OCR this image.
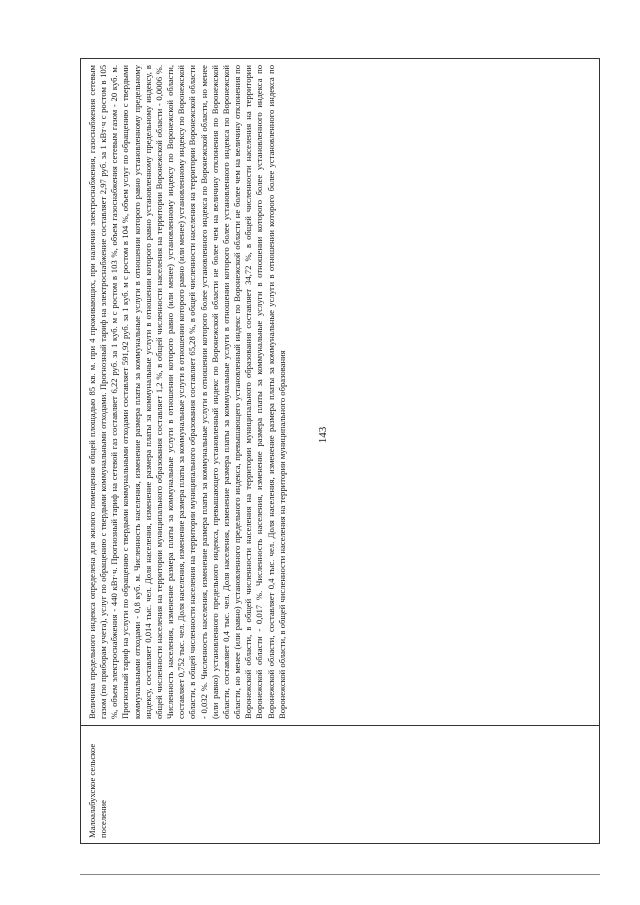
143
Малоалабухское сельское поселение
Величина предельного индекса определена для жилого помещения общей площадью 85 кв. м. при 4 проживающих, при наличии электроснабжения, газоснабжения сетевым газом (по приборам учета), услуг по обращению с твердыми коммунальными отходами. Прогнозный тариф на электроснабжение составляет 2,97 руб. за 1 кВт·ч с ростом в 105 %, объем электроснабжения - 440 кВт·ч. Прогнозный тариф на сетевой газ составляет 6,22 руб. за 1 куб. м с ростом в 103 %, объем газоснабжения сетевым газом - 20 куб. м. Прогнозный тариф на услуги по обращению с твердыми коммунальными отходами составляет 591,92 руб. за 1 куб. м с ростом в 104 %, объем услуг по обращению с твердыми коммунальными отходами - 0,8 куб. м. Численность населения, изменение размера платы за коммунальные услуги в отношении которого равно установленному предельному индексу, составляет 0,014 тыс. чел. Доля населения, изменение размера платы за коммунальные услуги в отношении которого равно установленному предельному индексу, в общей численности населения на территории муниципального образования составляет 1,2 %, в общей численности населения на территории Воронежской области - 0,0006 %. Численность населения, изменение размера платы за коммунальные услуги в отношении которого равно (или менее) установленному индексу по Воронежской области, составляет 0,752 тыс. чел. Доля населения, изменение размера платы за коммунальные услуги в отношении которого равно (или менее) установленному индексу по Воронежской области, в общей численности населения на территории муниципального образования составляет 65,28 %, в общей численности населения на территории Воронежской области - 0,032 %. Численность населения, изменение размера платы за коммунальные услуги в отношении которого более установленного индекса по Воронежской области, но менее (или равно) установленного предельного индекса, превышающего установленный индекс по Воронежской области не более чем на величину отклонения по Воронежской области, составляет 0,4 тыс. чел. Доля населения, изменение размера платы за коммунальные услуги в отношении которого более установленного индекса по Воронежской области, но менее (или равно) установленного предельного индекса, превышающего установленный индекс по Воронежской области не более чем на величину отклонения по Воронежской области, в общей численности населения на территории муниципального образования составляет 34,72 %, в общей численности населения на территории Воронежской области - 0,017 %. Численность населения, изменение размера платы за коммунальные услуги в отношении которого более установленного индекса по Воронежской области, составляет 0,4 тыс. чел. Доля населения, изменение размера платы за коммунальные услуги в отношении которого более установленного индекса по Воронежской области, в общей численности населения на территории муниципального образования
